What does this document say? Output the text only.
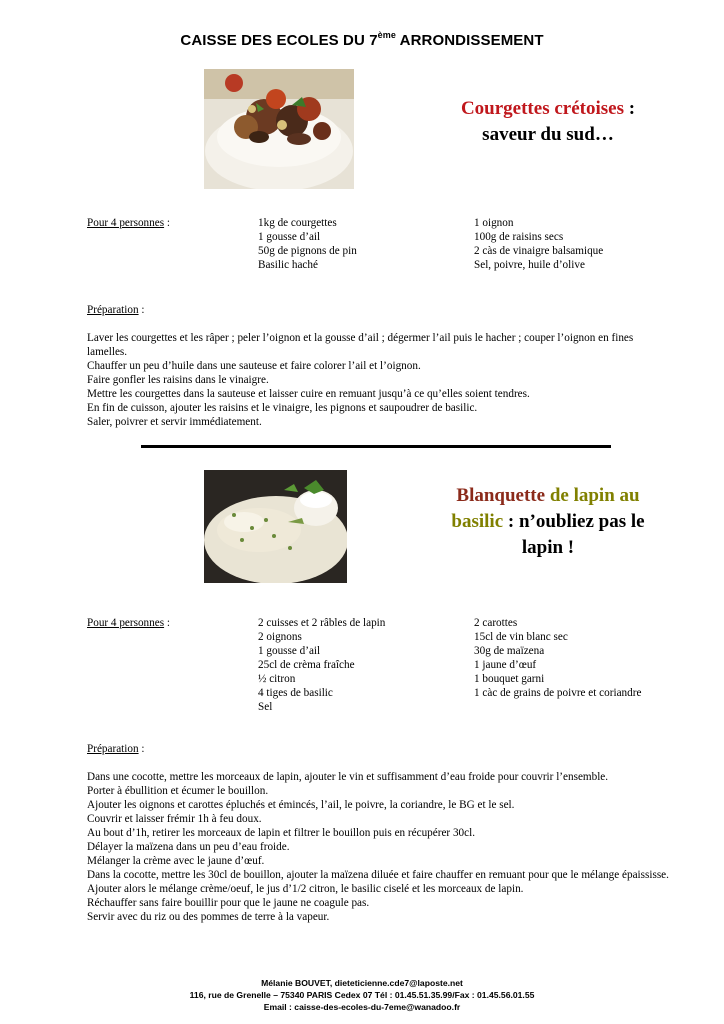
CAISSE DES ECOLES DU 7ème ARRONDISSEMENT
Courgettes crétoises :
saveur du sud…
Pour 4 personnes :	1kg de courgettes
1 gousse d’ail
50g de pignons de pin
Basilic haché
1 oignon
100g de raisins secs
2 càs de vinaigre balsamique
Sel, poivre, huile d’olive
Préparation :

Laver les courgettes et les râper ; peler l’oignon et la gousse d’ail ; dégermer l’ail puis le hacher ; couper l’oignon en fines lamelles.

Chauffer un peu d’huile dans une sauteuse et faire colorer l’ail et l’oignon.

Faire gonfler les raisins dans le vinaigre.

Mettre les courgettes dans la sauteuse et laisser cuire en remuant jusqu’à ce qu’elles soient tendres.

En fin de cuisson, ajouter les raisins et le vinaigre, les pignons et saupoudrer de basilic.

Saler, poivrer et servir immédiatement.

Blanquette de lapin au
basilic : n’oubliez pas le
lapin !
Pour 4 personnes :	2 cuisses et 2 râbles de lapin
2 oignons
1 gousse d’ail
25cl de crèma fraîche
½ citron
4 tiges de basilic
Sel
2 carottes
15cl de vin blanc sec
30g de maïzena
1 jaune d’œuf
1 bouquet garni
1 càc de grains de poivre et coriandre
Préparation :

Dans une cocotte, mettre les morceaux de lapin, ajouter le vin et suffisamment d’eau froide pour couvrir l’ensemble.

Porter à ébullition et écumer le bouillon.

Ajouter les oignons et carottes épluchés et émincés, l’ail, le poivre, la coriandre, le BG et le sel.

Couvrir et laisser frémir 1h à feu doux.

Au bout d’1h, retirer les morceaux de lapin et filtrer le bouillon puis en récupérer 30cl.

Délayer la maïzena dans un peu d’eau froide.

Mélanger la crème avec le jaune d’œuf.

Dans la cocotte, mettre les 30cl de bouillon, ajouter la maïzena diluée et faire chauffer en remuant pour que le mélange épaississe.

Ajouter alors le mélange crème/oeuf, le jus d’1/2 citron, le basilic ciselé et les morceaux de lapin.

Réchauffer sans faire bouillir pour que le jaune ne coagule pas.

Servir avec du riz ou des pommes de terre à la vapeur.

Mélanie BOUVET, dieteticienne.cde7@laposte.net
116, rue de Grenelle – 75340 PARIS Cedex 07 Tél : 01.45.51.35.99/Fax : 01.45.56.01.55
Email : caisse-des-ecoles-du-7eme@wanadoo.fr
